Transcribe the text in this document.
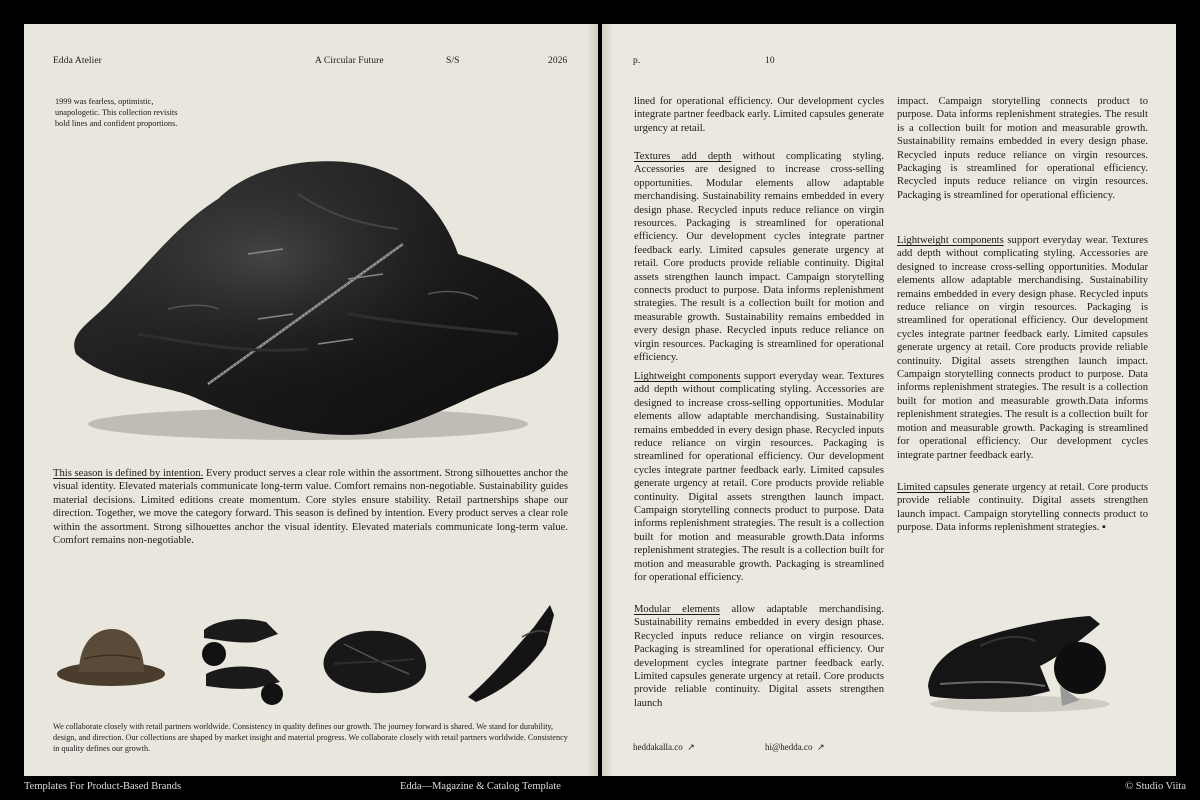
Edda Atelier	A Circular Future	S/S	2026
1999 was fearless, optimistic, unapologetic. This collection revisits bold lines and confident proportions.
This season is defined by intention. Every product serves a clear role within the assortment. Strong silhouettes anchor the visual identity. Elevated materials communicate long-term value. Comfort remains non-negotiable. Sustainability guides material decisions. Limited editions create momentum. Core styles ensure stability. Retail partnerships shape our direction. Together, we move the category forward. This season is defined by intention. Every product serves a clear role within the assortment. Strong silhouettes anchor the visual identity. Elevated materials communicate long-term value. Comfort remains non-negotiable.
We collaborate closely with retail partners worldwide. Consistency in quality defines our growth. The journey forward is shared. We stand for durability, design, and direction. Our collections are shaped by market insight and material progress. We collaborate closely with retail partners worldwide. Consistency in quality defines our growth.
p.	10
lined for operational efficiency. Our development cycles integrate partner feedback early. Limited capsules generate urgency at retail.
Textures add depth without complicating styling. Accessories are designed to increase cross-selling opportunities. Modular elements allow adaptable merchandising. Sustainability remains embedded in every design phase. Recycled inputs reduce reliance on virgin resources. Packaging is streamlined for operational efficiency. Our development cycles integrate partner feedback early. Limited capsules generate urgency at retail. Core products provide reliable continuity. Digital assets strengthen launch impact. Campaign storytelling connects product to purpose. Data informs replenishment strategies. The result is a collection built for motion and measurable growth. Sustainability remains embedded in every design phase. Recycled inputs reduce reliance on virgin resources. Packaging is streamlined for operational efficiency.
Lightweight components support everyday wear. Textures add depth without complicating styling. Accessories are designed to increase cross-selling opportunities. Modular elements allow adaptable merchandising. Sustainability remains embedded in every design phase. Recycled inputs reduce reliance on virgin resources. Packaging is streamlined for operational efficiency. Our development cycles integrate partner feedback early. Limited capsules generate urgency at retail. Core products provide reliable continuity. Digital assets strengthen launch impact. Campaign storytelling connects product to purpose. Data informs replenishment strategies. The result is a collection built for motion and measurable growth.Data informs replenishment strategies. The result is a collection built for motion and measurable growth. Packaging is streamlined for operational efficiency.
Modular elements allow adaptable merchandising. Sustainability remains embedded in every design phase. Recycled inputs reduce reliance on virgin resources. Packaging is streamlined for operational efficiency. Our development cycles integrate partner feedback early. Limited capsules generate urgency at retail. Core products provide reliable continuity. Digital assets strengthen launch
impact. Campaign storytelling connects product to purpose. Data informs replenishment strategies. The result is a collection built for motion and measurable growth. Sustainability remains embedded in every design phase. Recycled inputs reduce reliance on virgin resources. Packaging is streamlined for operational efficiency. Recycled inputs reduce reliance on virgin resources. Packaging is streamlined for operational efficiency.
Lightweight components support everyday wear. Textures add depth without complicating styling. Accessories are designed to increase cross-selling opportunities. Modular elements allow adaptable merchandising. Sustainability remains embedded in every design phase. Recycled inputs reduce reliance on virgin resources. Packaging is streamlined for operational efficiency. Our development cycles integrate partner feedback early. Limited capsules generate urgency at retail. Core products provide reliable continuity. Digital assets strengthen launch impact. Campaign storytelling connects product to purpose. Data informs replenishment strategies. The result is a collection built for motion and measurable growth.Data informs replenishment strategies. The result is a collection built for motion and measurable growth. Packaging is streamlined for operational efficiency. Our development cycles integrate partner feedback early.
Limited capsules generate urgency at retail. Core products provide reliable continuity. Digital assets strengthen launch impact. Campaign storytelling connects product to purpose. Data informs replenishment strategies. ▪
heddakalla.co ↗	hi@hedda.co ↗
Templates For Product-Based Brands	Edda—Magazine & Catalog Template	© Studio Viita
